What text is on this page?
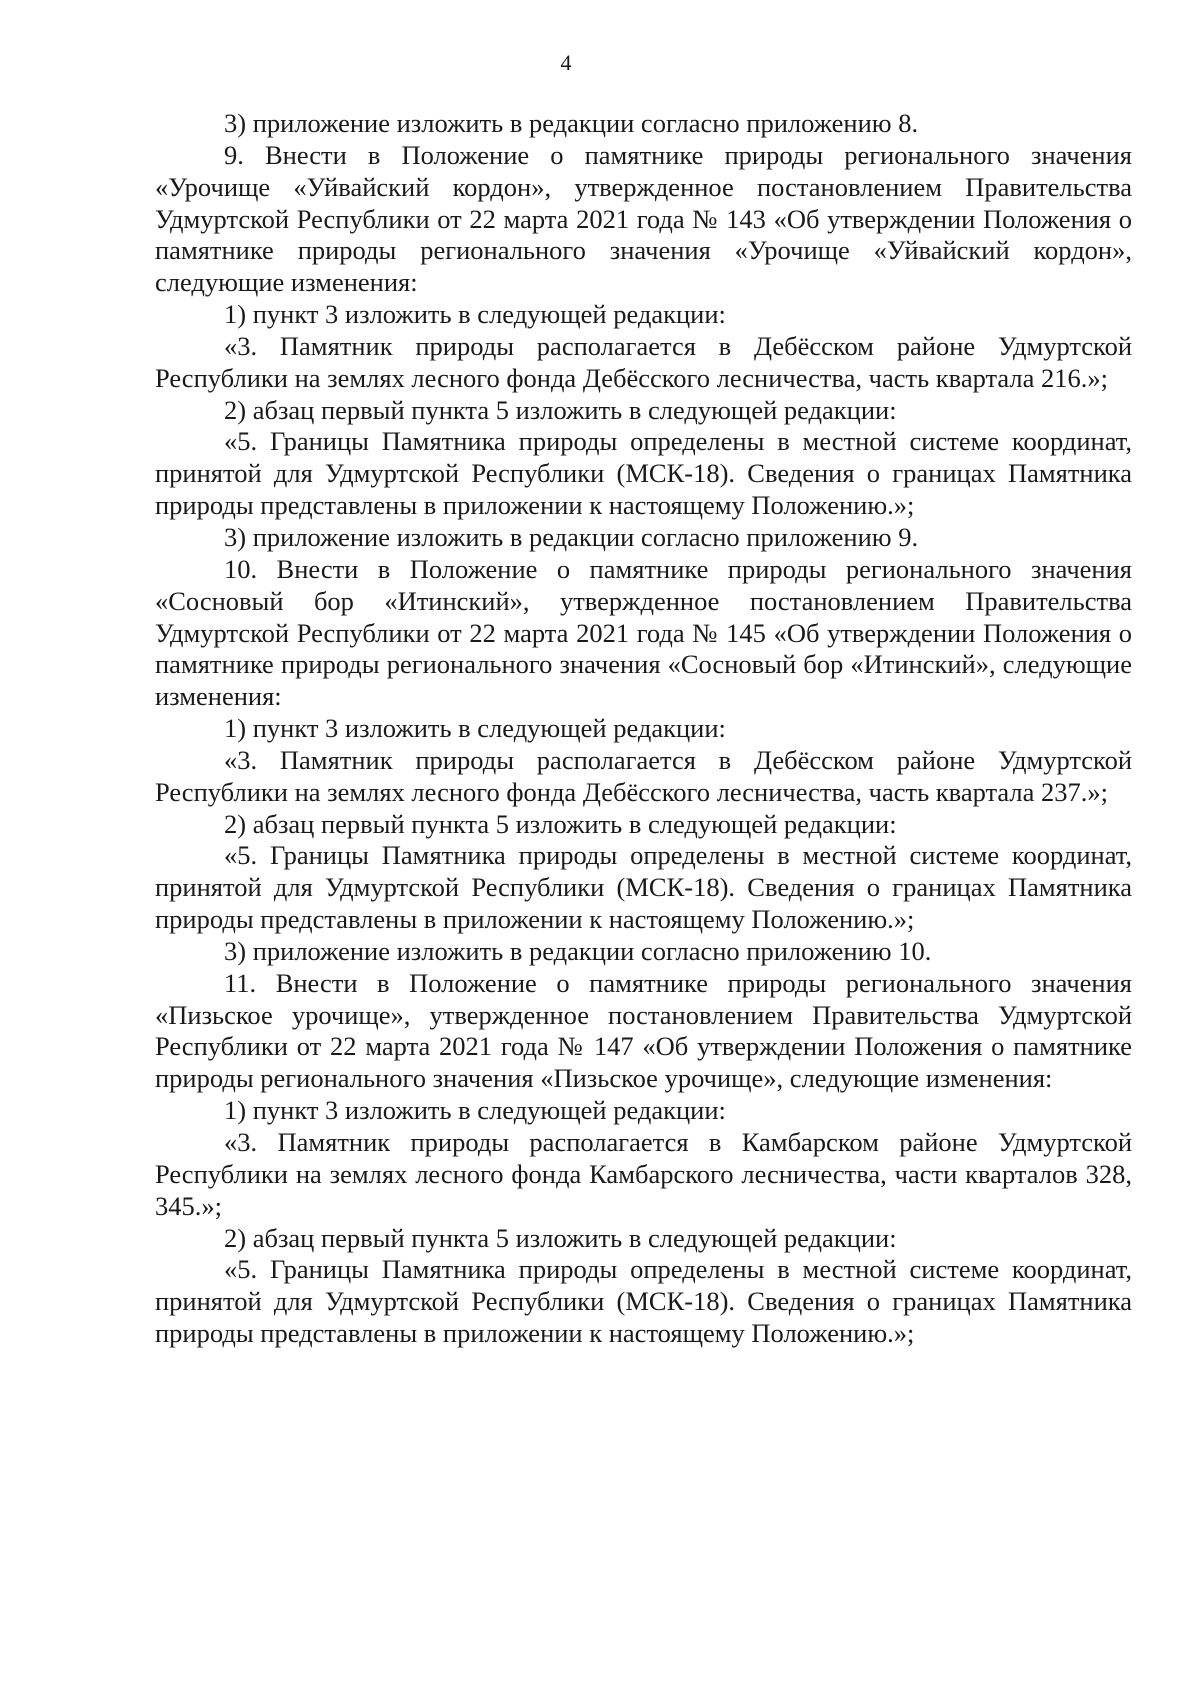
4

3) приложение изложить в редакции согласно приложению 8.

9. Внести в Положение о памятнике природы регионального значения «Урочище «Уйвайский кордон», утвержденное постановлением Правительства Удмуртской Республики от 22 марта 2021 года № 143 «Об утверждении Положения о памятнике природы регионального значения «Урочище «Уйвайский кордон», следующие изменения:

1) пункт 3 изложить в следующей редакции:

«3. Памятник природы располагается в Дебёсском районе Удмуртской Республики на землях лесного фонда Дебёсского лесничества, часть квартала 216.»;

2) абзац первый пункта 5 изложить в следующей редакции:

«5. Границы Памятника природы определены в местной системе координат, принятой для Удмуртской Республики (МСК-18). Сведения о границах Памятника природы представлены в приложении к настоящему Положению.»;

3) приложение изложить в редакции согласно приложению 9.

10. Внести в Положение о памятнике природы регионального значения «Сосновый бор «Итинский», утвержденное постановлением Правительства Удмуртской Республики от 22 марта 2021 года № 145 «Об утверждении Положения о памятнике природы регионального значения «Сосновый бор «Итинский», следующие изменения:

1) пункт 3 изложить в следующей редакции:

«3. Памятник природы располагается в Дебёсском районе Удмуртской Республики на землях лесного фонда Дебёсского лесничества, часть квартала 237.»;

2) абзац первый пункта 5 изложить в следующей редакции:

«5. Границы Памятника природы определены в местной системе координат, принятой для Удмуртской Республики (МСК-18). Сведения о границах Памятника природы представлены в приложении к настоящему Положению.»;

3) приложение изложить в редакции согласно приложению 10.

11. Внести в Положение о памятнике природы регионального значения «Пизьское урочище», утвержденное постановлением Правительства Удмуртской Республики от 22 марта 2021 года № 147 «Об утверждении Положения о памятнике природы регионального значения «Пизьское урочище», следующие изменения:

1) пункт 3 изложить в следующей редакции:

«3. Памятник природы располагается в Камбарском районе Удмуртской Республики на землях лесного фонда Камбарского лесничества, части кварталов 328, 345.»;

2) абзац первый пункта 5 изложить в следующей редакции:

«5. Границы Памятника природы определены в местной системе координат, принятой для Удмуртской Республики (МСК-18). Сведения о границах Памятника природы представлены в приложении к настоящему Положению.»;
